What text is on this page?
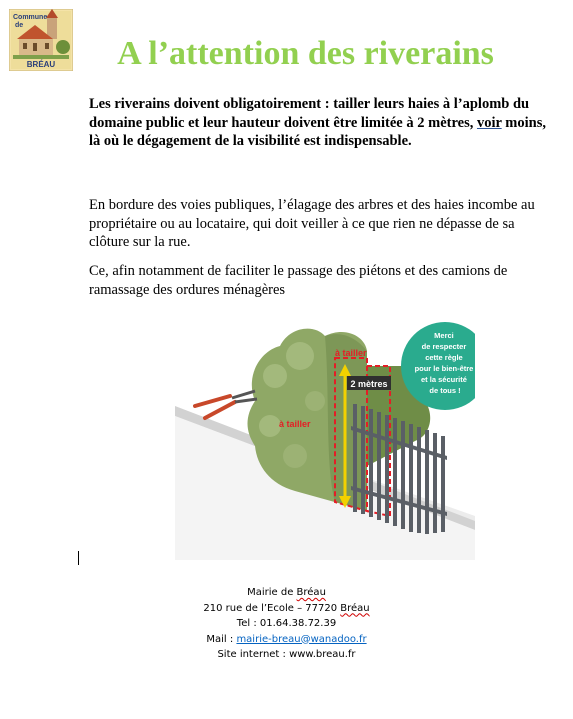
Commune
de
BRÉAU	A l’attention des riverains
Les riverains doivent obligatoirement : tailler leurs haies à l’aplomb du domaine public et leur hauteur doivent être limitée à 2 mètres, voir moins, là où le dégagement de la visibilité est indispensable.
En bordure des voies publiques, l’élagage des arbres et des haies incombe au propriétaire ou au locataire, qui doit veiller à ce que rien ne dépasse de sa clôture sur la rue.
Ce, afin notamment de faciliter le passage des piétons et des camions de ramassage des ordures ménagères
2 mètres
à tailler
à tailler
Merci de respecter cette règle pour le bien-être et la sécurité de tous !
Mairie de Bréau
210 rue de l’Ecole – 77720 Bréau
Tel : 01.64.38.72.39
Mail : mairie-breau@wanadoo.fr
Site internet : www.breau.fr
